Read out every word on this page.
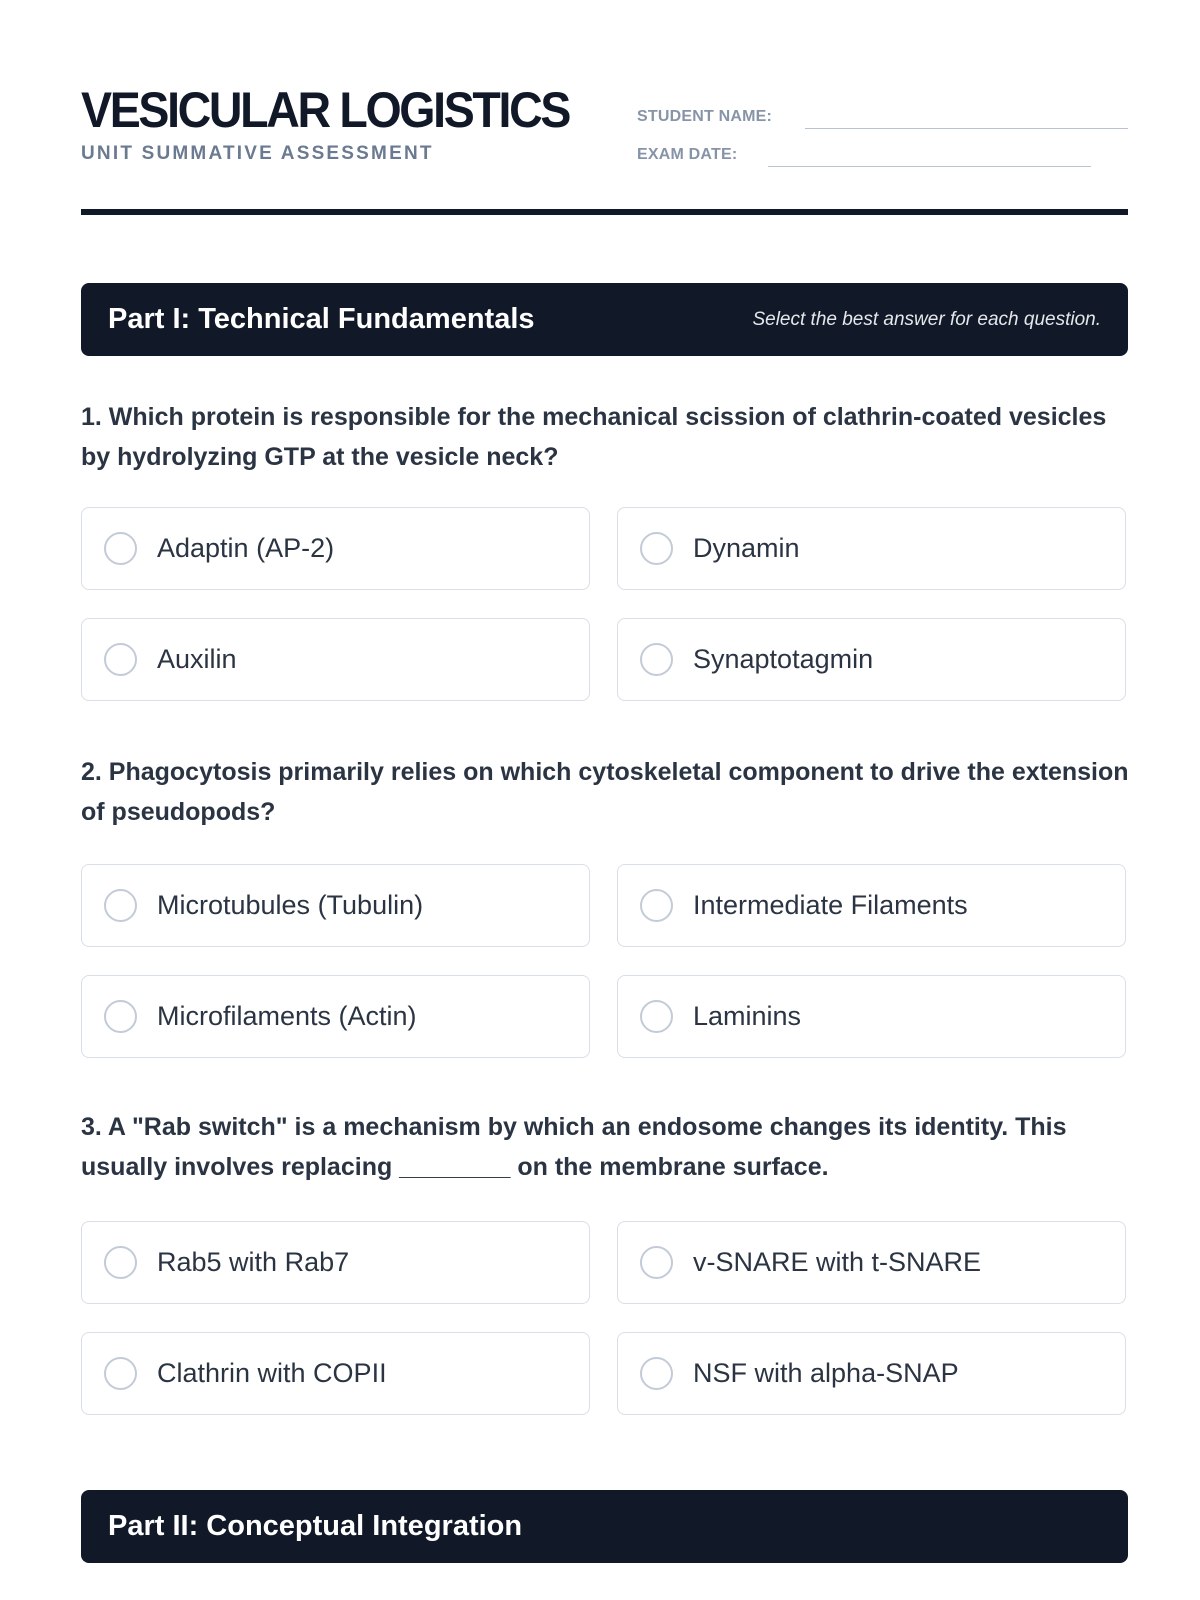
VESICULAR LOGISTICS
UNIT SUMMATIVE ASSESSMENT
STUDENT NAME:
EXAM DATE:
Part I: Technical Fundamentals	Select the best answer for each question.
1. Which protein is responsible for the mechanical scission of clathrin-coated vesicles by hydrolyzing GTP at the vesicle neck?
Adaptin (AP-2)	Dynamin
Auxilin	Synaptotagmin
2. Phagocytosis primarily relies on which cytoskeletal component to drive the extension of pseudopods?
Microtubules (Tubulin)	Intermediate Filaments
Microfilaments (Actin)	Laminins
3. A "Rab switch" is a mechanism by which an endosome changes its identity. This usually involves replacing ________ on the membrane surface.
Rab5 with Rab7	v-SNARE with t-SNARE
Clathrin with COPII	NSF with alpha-SNAP
Part II: Conceptual Integration
